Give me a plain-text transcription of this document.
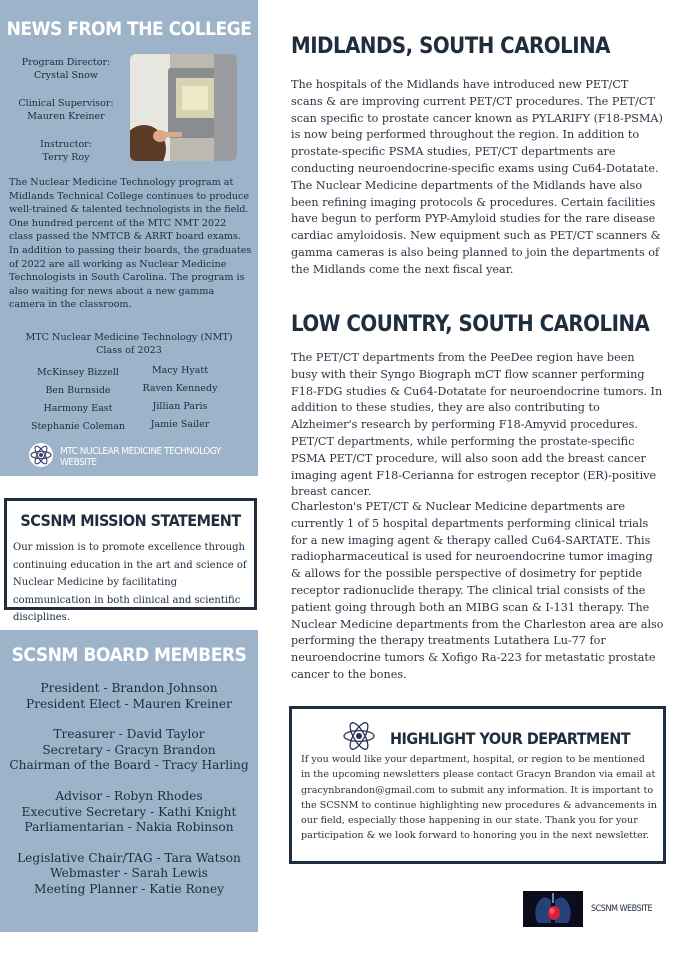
NEWS FROM THE COLLEGE
Program Director:
Crystal Snow
Clinical Supervisor:
Mauren Kreiner
Instructor:
Terry Roy

The Nuclear Medicine Technology program at Midlands Technical College continues to produce well-trained & talented technologists in the field. One hundred percent of the MTC NMT 2022 class passed the NMTCB & ARRT board exams. In addition to passing their boards, the graduates of 2022 are all working as Nuclear Medicine Technologists in South Carolina. The program is also waiting for news about a new gamma camera in the classroom.

MTC Nuclear Medicine Technology (NMT)
Class of 2023
McKinsey Bizzell
Ben Burnside
Harmony East
Stephanie Coleman
Macy Hyatt
Raven Kennedy
Jillian Paris
Jamie Sailer
MTC NUCLEAR MEDICINE TECHNOLOGY WEBSITE
SCSNM MISSION STATEMENT

Our mission is to promote excellence through continuing education in the art and science of Nuclear Medicine by facilitating communication in both clinical and scientific disciplines.

SCSNM BOARD MEMBERS
President - Brandon Johnson
President Elect - Mauren Kreiner
Treasurer - David Taylor
Secretary - Gracyn Brandon
Chairman of the Board - Tracy Harling
Advisor - Robyn Rhodes
Executive Secretary - Kathi Knight
Parliamentarian - Nakia Robinson
Legislative Chair/TAG - Tara Watson
Webmaster - Sarah Lewis
Meeting Planner - Katie Roney
MIDLANDS, SOUTH CAROLINA

The hospitals of the Midlands have introduced new PET/CT scans & are improving current PET/CT procedures. The PET/CT scan specific to prostate cancer known as PYLARIFY (F18-PSMA) is now being performed throughout the region. In addition to prostate-specific PSMA studies, PET/CT departments are conducting neuroendocrine-specific exams using Cu64-Dotatate. The Nuclear Medicine departments of the Midlands have also been refining imaging protocols & procedures. Certain facilities have begun to perform PYP-Amyloid studies for the rare disease cardiac amyloidosis. New equipment such as PET/CT scanners & gamma cameras is also being planned to join the departments of the Midlands come the next fiscal year.

LOW COUNTRY, SOUTH CAROLINA

The PET/CT departments from the PeeDee region have been busy with their Syngo Biograph mCT flow scanner performing F18-FDG studies & Cu64-Dotatate for neuroendocrine tumors. In addition to these studies, they are also contributing to Alzheimer's research by performing F18-Amyvid procedures. PET/CT departments, while performing the prostate-specific PSMA PET/CT procedure, will also soon add the breast cancer imaging agent F18-Cerianna for estrogen receptor (ER)-positive breast cancer.

Charleston's PET/CT & Nuclear Medicine departments are currently 1 of 5 hospital departments performing clinical trials for a new imaging agent & therapy called Cu64-SARTATE. This radiopharmaceutical is used for neuroendocrine tumor imaging & allows for the possible perspective of dosimetry for peptide receptor radionuclide therapy. The clinical trial consists of the patient going through both an MIBG scan & I-131 therapy. The Nuclear Medicine departments from the Charleston area are also performing the therapy treatments Lutathera Lu-77 for neuroendocrine tumors & Xofigo Ra-223 for metastatic prostate cancer to the bones.

HIGHLIGHT YOUR DEPARTMENT

If you would like your department, hospital, or region to be mentioned in the upcoming newsletters please contact Gracyn Brandon via email at gracynbrandon@gmail.com to submit any information. It is important to the SCSNM to continue highlighting new procedures & advancements in our field, especially those happening in our state. Thank you for your participation & we look forward to honoring you in the next newsletter.

SCSNM WEBSITE
